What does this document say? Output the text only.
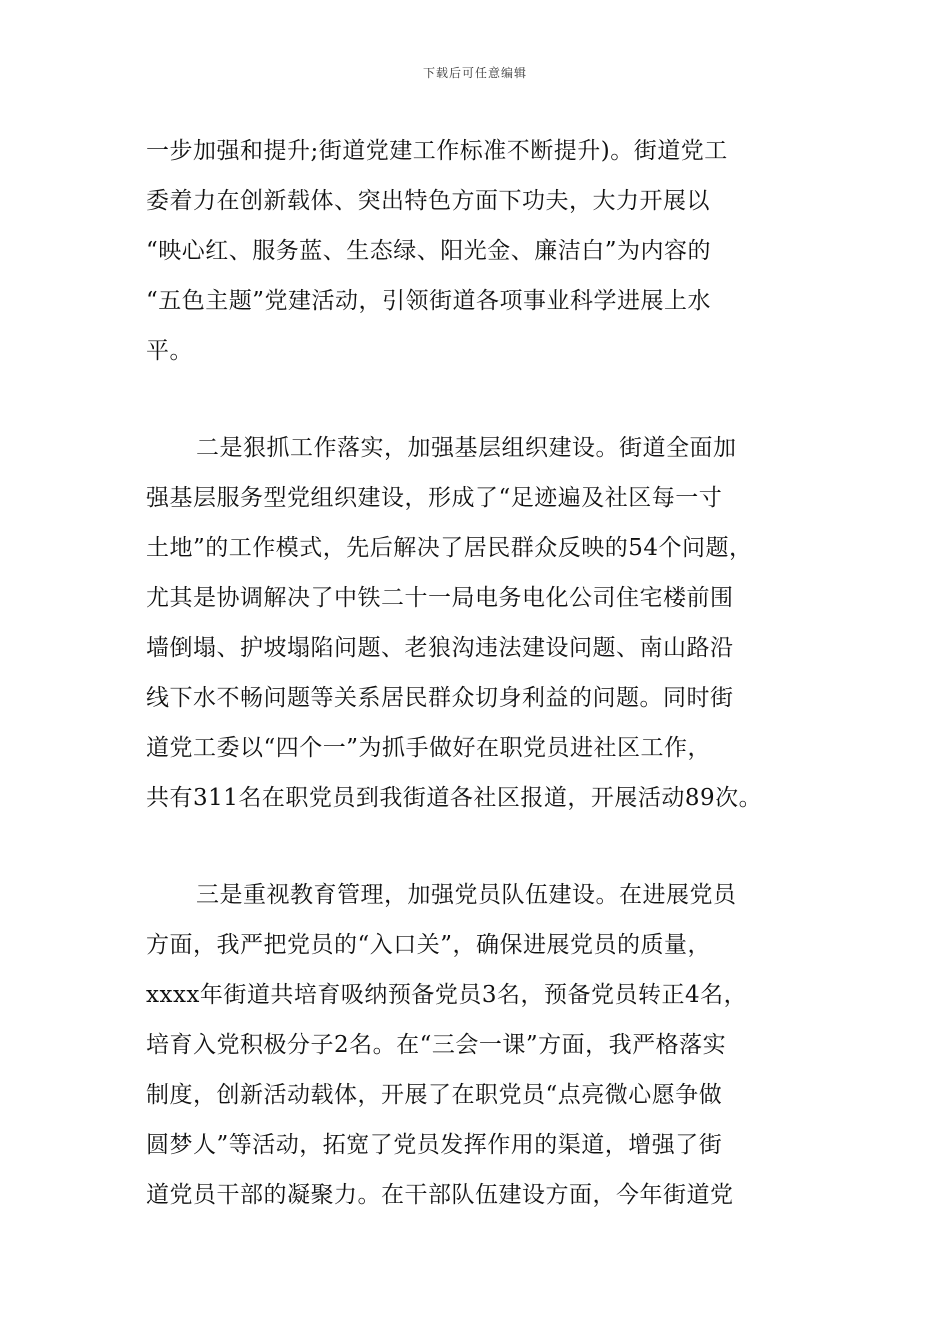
下载后可任意编辑
一步加强和提升;街道党建工作标准不断提升)。街道党工
委着力在创新载体、突出特色方面下功夫，大力开展以
“映心红、服务蓝、生态绿、阳光金、廉洁白”为内容的
“五色主题”党建活动，引领街道各项事业科学进展上水
平。
二是狠抓工作落实，加强基层组织建设。街道全面加
强基层服务型党组织建设，形成了“足迹遍及社区每一寸
土地”的工作模式，先后解决了居民群众反映的54个问题，
尤其是协调解决了中铁二十一局电务电化公司住宅楼前围
墙倒塌、护坡塌陷问题、老狼沟违法建设问题、南山路沿
线下水不畅问题等关系居民群众切身利益的问题。同时街
道党工委以“四个一”为抓手做好在职党员进社区工作，
共有311名在职党员到我街道各社区报道，开展活动89次。
三是重视教育管理，加强党员队伍建设。在进展党员
方面，我严把党员的“入口关”，确保进展党员的质量，
xxxx年街道共培育吸纳预备党员3名，预备党员转正4名，
培育入党积极分子2名。在“三会一课”方面，我严格落实
制度，创新活动载体，开展了在职党员“点亮微心愿争做
圆梦人”等活动，拓宽了党员发挥作用的渠道，增强了街
道党员干部的凝聚力。在干部队伍建设方面，今年街道党
